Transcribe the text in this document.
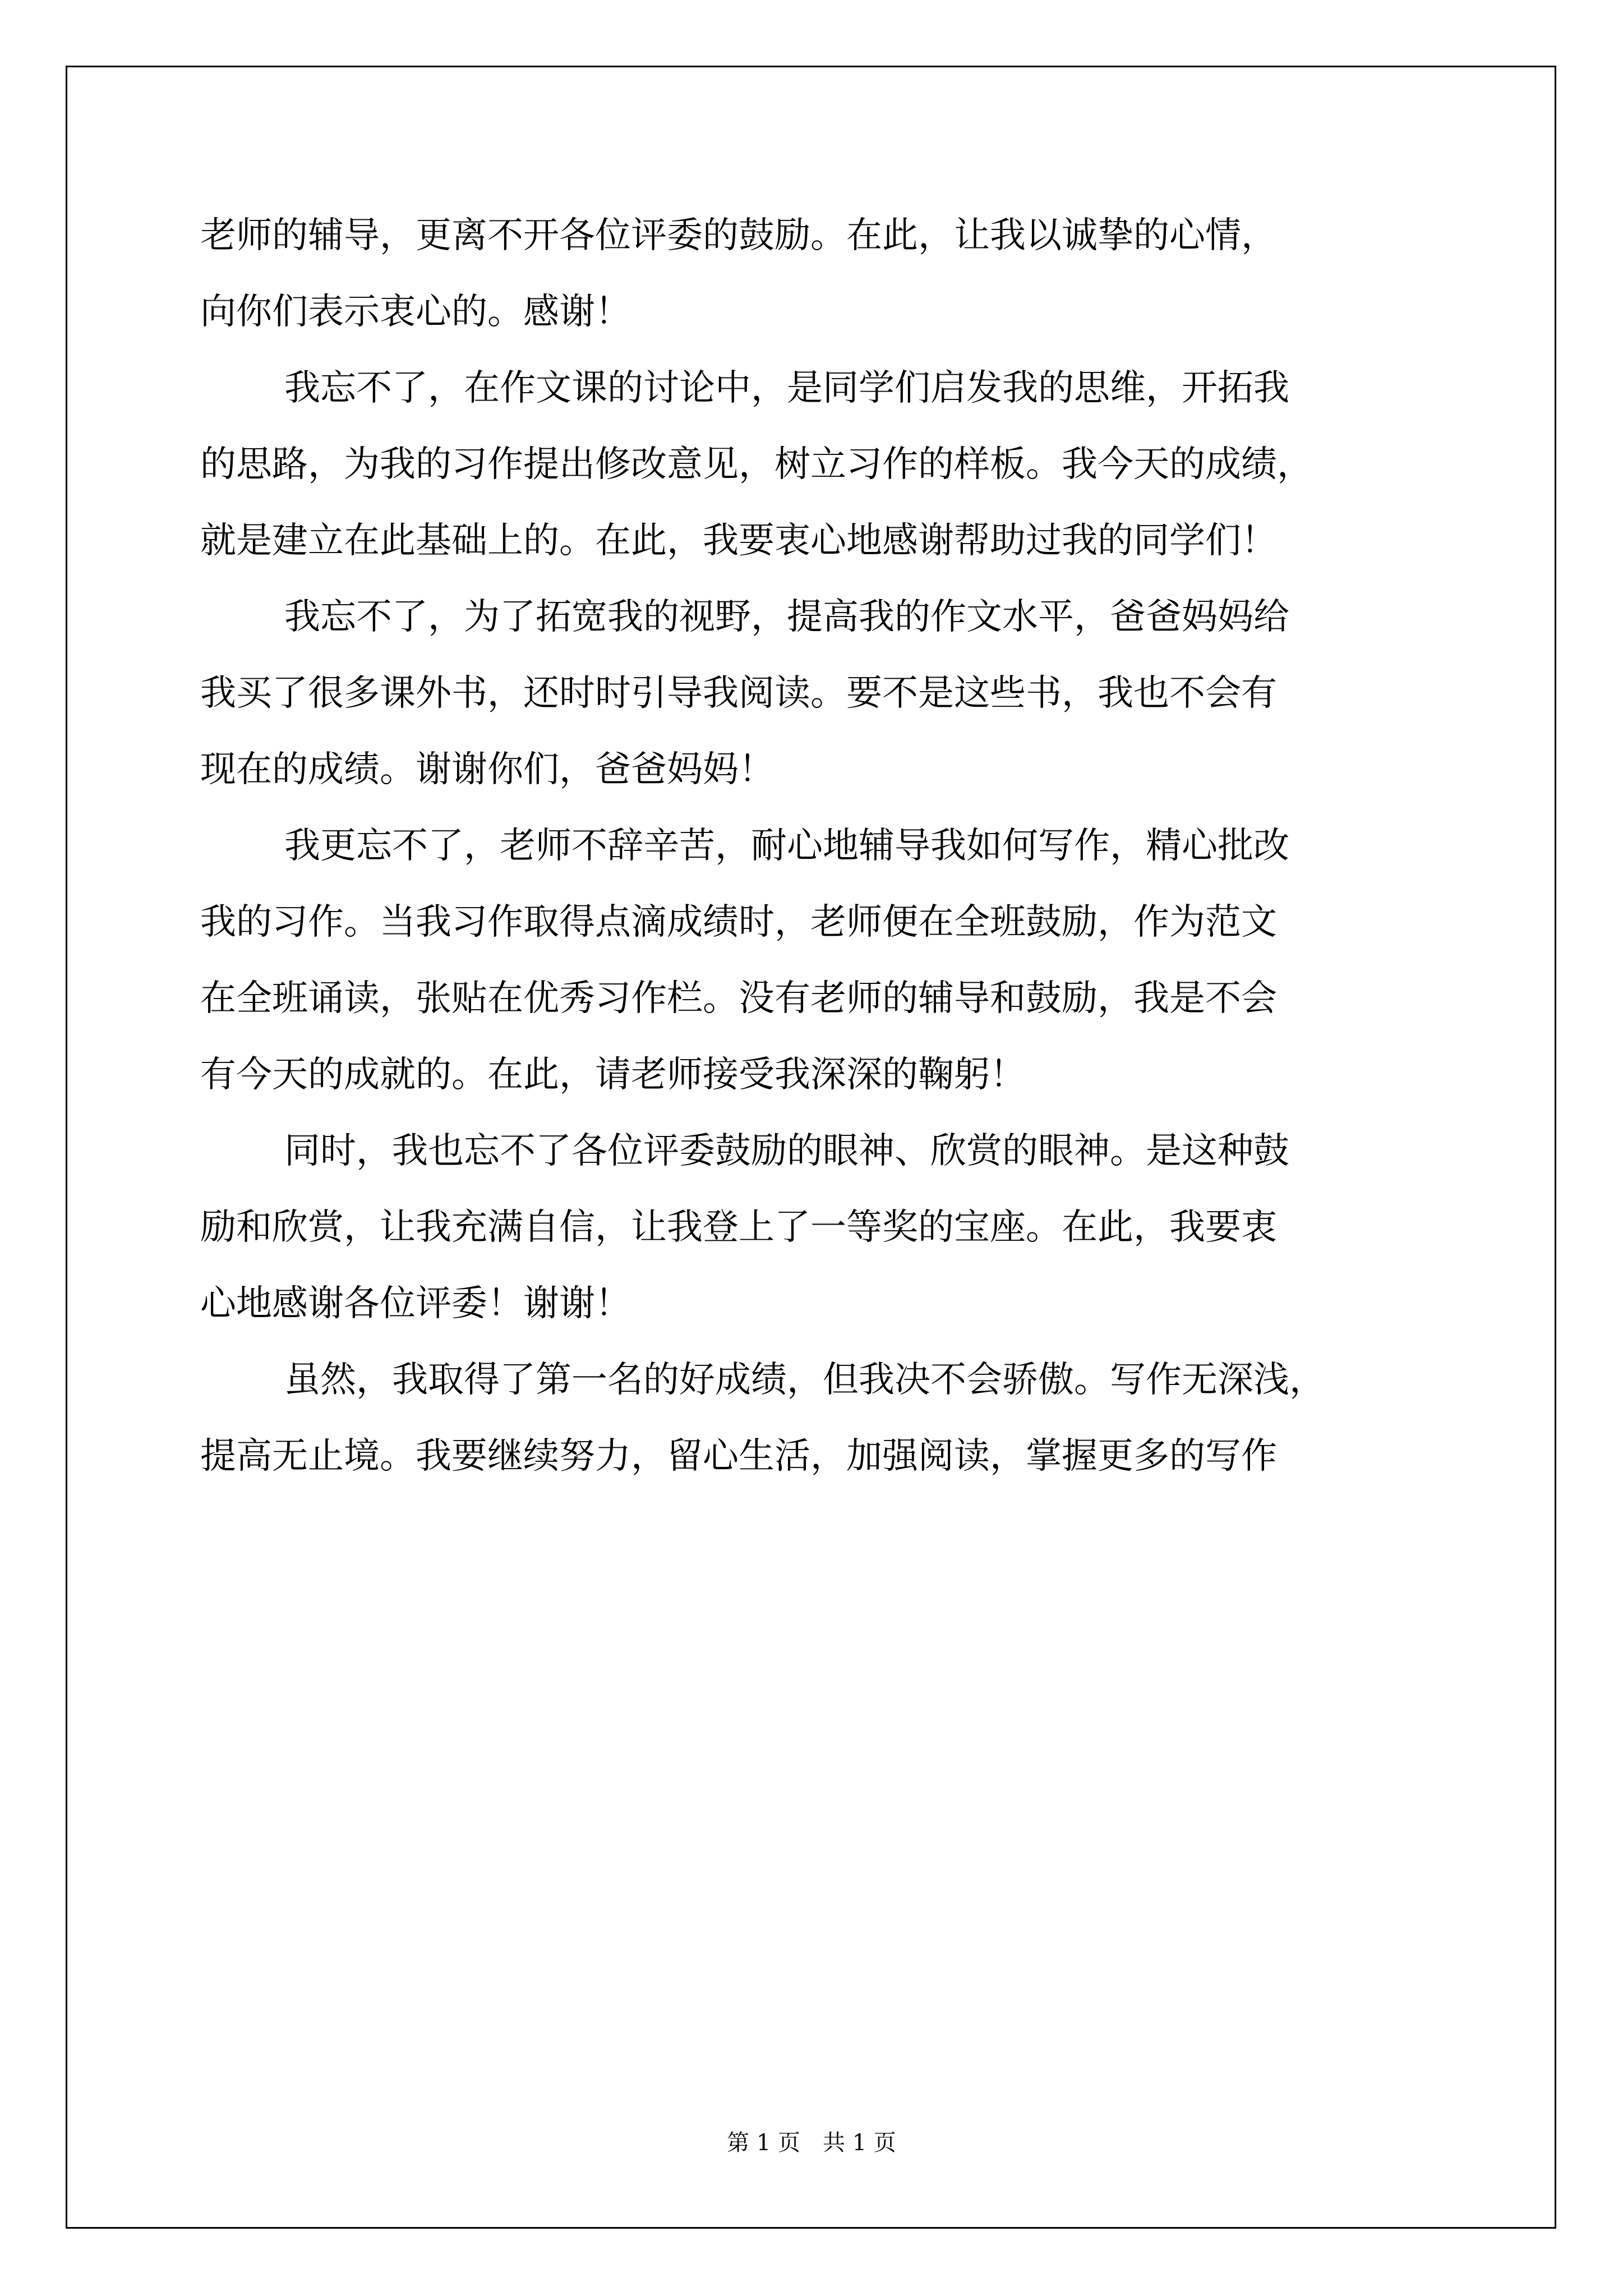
老师的辅导，更离不开各位评委的鼓励。在此，让我以诚挚的心情，
向你们表示衷心的。感谢！
我忘不了，在作文课的讨论中，是同学们启发我的思维，开拓我
的思路，为我的习作提出修改意见，树立习作的样板。我今天的成绩，
就是建立在此基础上的。在此，我要衷心地感谢帮助过我的同学们！
我忘不了，为了拓宽我的视野，提高我的作文水平，爸爸妈妈给
我买了很多课外书，还时时引导我阅读。要不是这些书，我也不会有
现在的成绩。谢谢你们，爸爸妈妈！
我更忘不了，老师不辞辛苦，耐心地辅导我如何写作，精心批改
我的习作。当我习作取得点滴成绩时，老师便在全班鼓励，作为范文
在全班诵读，张贴在优秀习作栏。没有老师的辅导和鼓励，我是不会
有今天的成就的。在此，请老师接受我深深的鞠躬！
同时，我也忘不了各位评委鼓励的眼神、欣赏的眼神。是这种鼓
励和欣赏，让我充满自信，让我登上了一等奖的宝座。在此，我要衷
心地感谢各位评委！谢谢！
虽然，我取得了第一名的好成绩，但我决不会骄傲。写作无深浅，
提高无止境。我要继续努力，留心生活，加强阅读，掌握更多的写作
第 1 页 共 1 页
